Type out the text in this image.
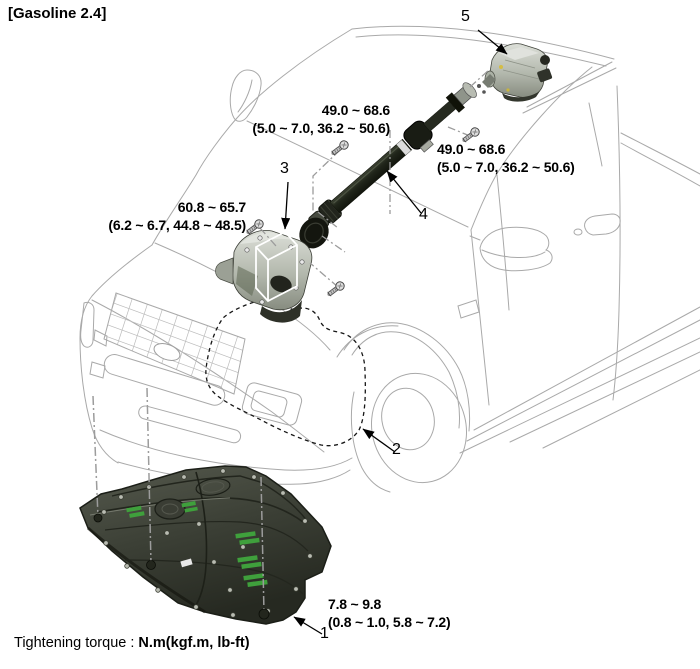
[Gasoline 2.4]
49.0 ~ 68.6
(5.0 ~ 7.0, 36.2 ~ 50.6)
49.0 ~ 68.6
(5.0 ~ 7.0, 36.2 ~ 50.6)
60.8 ~ 65.7
(6.2 ~ 6.7, 44.8 ~ 48.5)
7.8 ~ 9.8
(0.8 ~ 1.0, 5.8 ~ 7.2)
1
2
3
4
5
Tightening torque : N.m(kgf.m, lb-ft)
